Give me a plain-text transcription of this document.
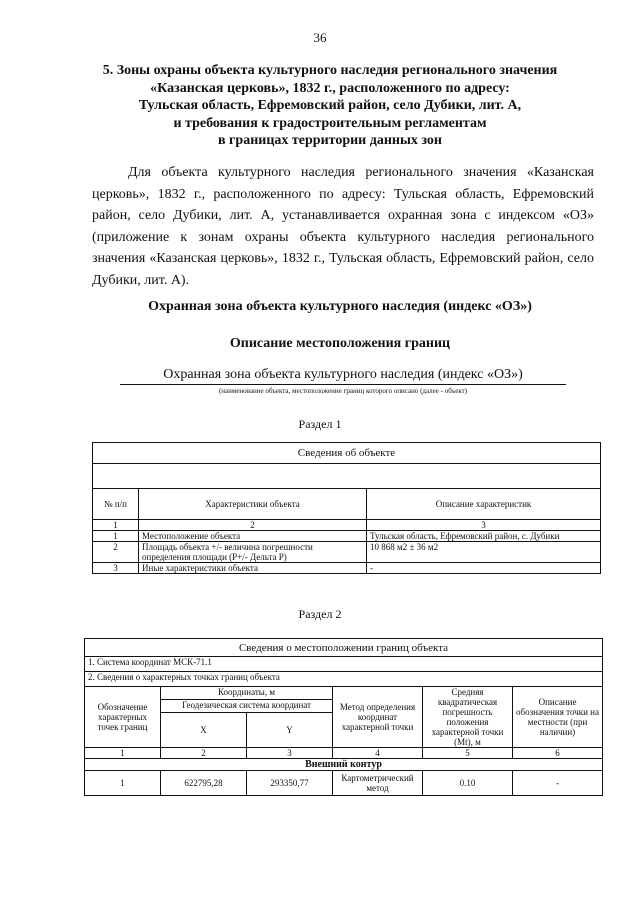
36
5. Зоны охраны объекта культурного наследия регионального значения
«Казанская церковь», 1832 г., расположенного по адресу:
Тульская область, Ефремовский район, село Дубики, лит. А,
и требования к градостроительным регламентам
в границах территории данных зон

Для объекта культурного наследия регионального значения «Казанская церковь», 1832 г., расположенного по адресу: Тульская область, Ефремовский район, село Дубики, лит. А, устанавливается охранная зона с индексом «ОЗ» (приложение к зонам охраны объекта культурного наследия регионального значения «Казанская церковь», 1832 г., Тульская область, Ефремовский район, село Дубики, лит. А).

Охранная зона объекта культурного наследия (индекс «ОЗ»)
Описание местоположения границ
Охранная зона объекта культурного наследия (индекс «ОЗ»)
(наименование объекта, местоположение границ которого описано (далее - объект)
Раздел 1
Сведения об объекте		

№ п/п	Характеристики объекта	Описание характеристик
1	2	3
1	Местоположение объекта	Тульская область, Ефремовский район, с. Дубики
2	Площадь объекта +/- величина погрешности определения площади (Р+/- Дельта Р)	10 868 м2 ± 36 м2
3	Иные характеристики объекта	-
Раздел 2
Сведения о местоположении границ объекта					
1. Система координат МСК-71.1					
2. Сведения о характерных точках границ объекта					
Обозначение характерных точек границ	Координаты, м		Метод определения координат характерной точки	Средняя квадратическая погрешность положения характерной точки (Mt), м	Описание обозначения точки на местности (при наличии)
	Геодезическая система координат				
	X	Y			
1	2	3	4	5	6
Внешний контур					
1	622795,28	293350,77	Картометрический метод	0.10	-
